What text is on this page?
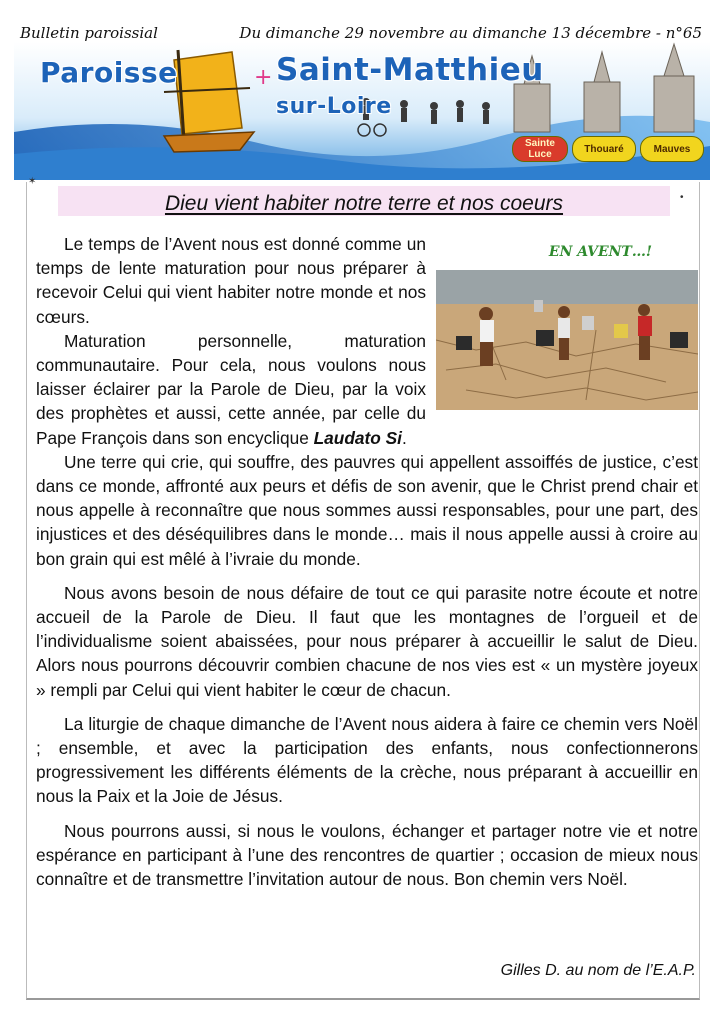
Bulletin paroissial	Du dimanche 29 novembre au dimanche 13 décembre - n°65
+
Paroisse	Saint-Matthieu
sur-Loire
Sainte Luce	Thouaré	Mauves
✶
•
Dieu vient habiter notre terre et nos coeurs
EN AVENT…!

Le temps de l’Avent nous est donné comme un temps de lente maturation pour nous préparer à recevoir Celui qui vient habiter notre monde et nos cœurs.

Maturation personnelle, maturation communautaire. Pour cela, nous voulons nous laisser éclairer par la Parole de Dieu, par la voix des prophètes et aussi, cette année, par celle du Pape François dans son encyclique Laudato Si.

Une terre qui crie, qui souffre, des pauvres qui appellent assoiffés de justice, c’est dans ce monde, affronté aux peurs et défis de son avenir, que le Christ prend chair et nous appelle à reconnaître que nous sommes aussi responsables, pour une part, des injustices et des déséquilibres dans le monde… mais il nous appelle aussi à croire au bon grain qui est mêlé à l’ivraie du monde.

Nous avons besoin de nous défaire de tout ce qui parasite notre écoute et notre accueil de la Parole de Dieu. Il faut que les montagnes de l’orgueil et de l’individualisme soient abaissées, pour nous préparer à accueillir le salut de Dieu. Alors nous pourrons découvrir combien chacune de nos vies est « un mystère joyeux » rempli par Celui qui vient habiter le cœur de chacun.

La liturgie de chaque dimanche de l’Avent nous aidera à faire ce chemin vers Noël ; ensemble, et avec la participation des enfants, nous confectionnerons progressivement les différents éléments de la crèche, nous préparant à accueillir en nous la Paix et la Joie de Jésus.

Nous pourrons aussi, si nous le voulons, échanger et partager notre vie et notre espérance en participant à l’une des rencontres de quartier ; occasion de mieux nous connaître et de transmettre l’invitation autour de nous. Bon chemin vers Noël.

Gilles D. au nom de l’E.A.P.
